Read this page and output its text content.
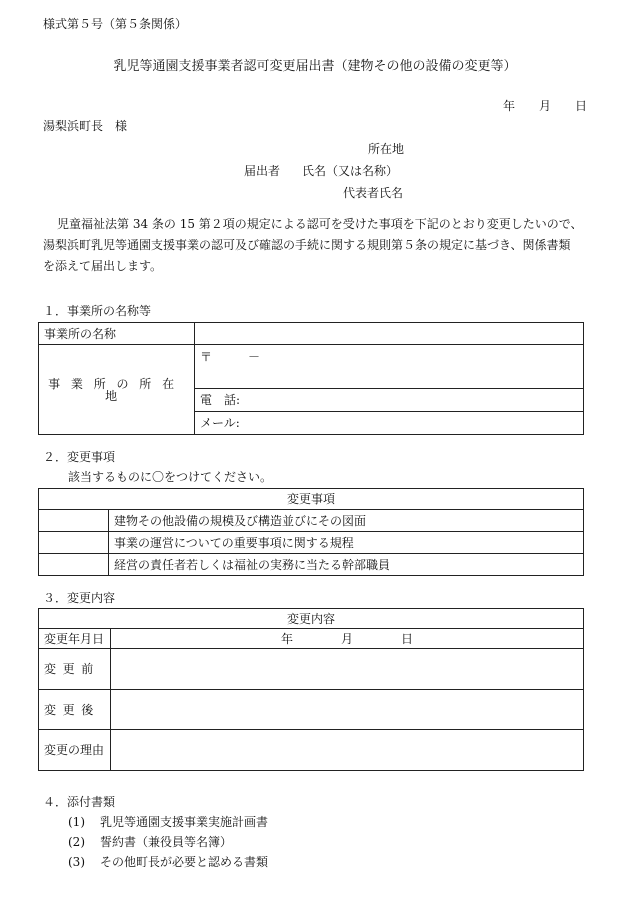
様式第５号（第５条関係）
乳児等通園支援事業者認可変更届出書（建物その他の設備の変更等）
年 月 日
湯梨浜町長　様
所在地
届出者 氏名（又は名称）
代表者氏名
児童福祉法第 34 条の 15 第２項の規定による認可を受けた事項を下記のとおり変更したいので、
湯梨浜町乳児等通園支援事業の認可及び確認の手続に関する規則第５条の規定に基づき、関係書類
を添えて届出します。
１．事業所の名称等
事業所の名称	
事業所の所在地	〒　　　－
	電　話:
	メール:
２．変更事項
該当するものに〇をつけてください。
変更事項	
	建物その他設備の規模及び構造並びにその図面
	事業の運営についての重要事項に関する規程
	経営の責任者若しくは福祉の実務に当たる幹部職員
３．変更内容
変更内容	
変更年月日	年 月 日

変更前	
変更後	
変更の理由	
４．添付書類
(1) 乳児等通園支援事業実施計画書
(2) 誓約書（兼役員等名簿）
(3) その他町長が必要と認める書類
